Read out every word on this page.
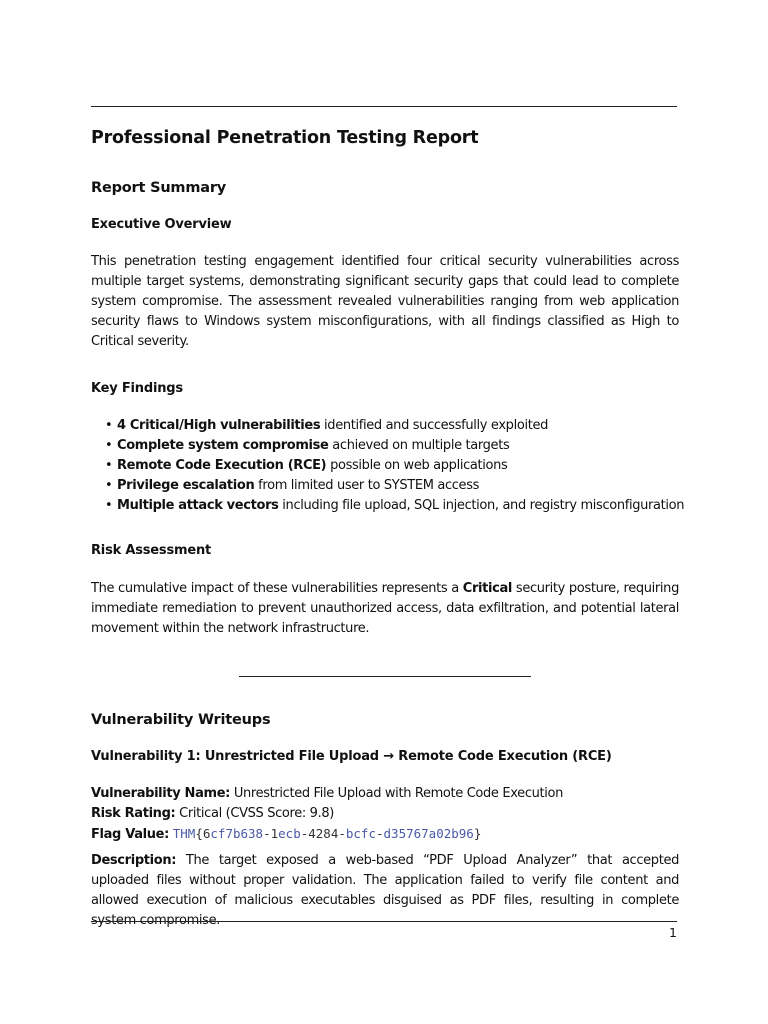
Professional Penetration Testing Report
Report Summary
Executive Overview

This penetration testing engagement identified four critical security vulnerabilities across multiple target systems, demonstrating significant security gaps that could lead to complete system compromise. The assessment revealed vulnerabilities ranging from web application security flaws to Windows system misconfigurations, with all findings classified as High to Critical severity.

Key Findings
• 4 Critical/High vulnerabilities identified and successfully exploited
• Complete system compromise achieved on multiple targets
• Remote Code Execution (RCE) possible on web applications
• Privilege escalation from limited user to SYSTEM access
• Multiple attack vectors including file upload, SQL injection, and registry misconfiguration
Risk Assessment

The cumulative impact of these vulnerabilities represents a Critical security posture, requiring immediate remediation to prevent unauthorized access, data exfiltration, and potential lateral movement within the network infrastructure.

Vulnerability Writeups
Vulnerability 1: Unrestricted File Upload → Remote Code Execution (RCE)
Vulnerability Name: Unrestricted File Upload with Remote Code Execution
Risk Rating: Critical (CVSS Score: 9.8)
Flag Value: THM{6cf7b638-1ecb-4284-bcfc-d35767a02b96}

Description: The target exposed a web-based “PDF Upload Analyzer” that accepted uploaded files without proper validation. The application failed to verify file content and allowed execution of malicious executables disguised as PDF files, resulting in complete system compromise.

1
